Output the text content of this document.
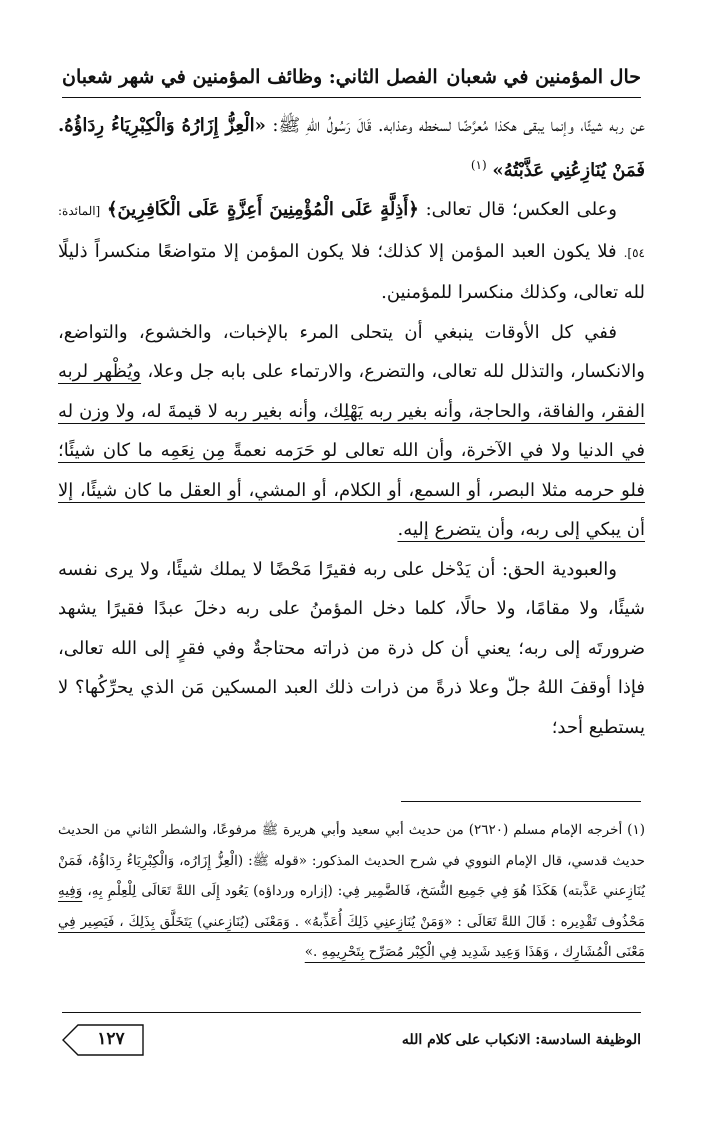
حال المؤمنين في شعبان
الفصل الثاني: وظائف المؤمنين في شهر شعبان

عن ربه شيئًا، وإنما يبقى هكذا مُعرَّضًا لسخطه وعذابه. قَالَ رَسُولُ اللهِ ﷺ: «الْعِزُّ إِزَارُهُ وَالْكِبْرِيَاءُ رِدَاؤُهُ. فَمَنْ يُنَازِعُنِي عَذَّبْتُهُ» $^{(١)}$

وعلى العكس؛ قال تعالى: ﴿أَذِلَّةٍ عَلَى الْمُؤْمِنِينَ أَعِزَّةٍ عَلَى الْكَافِرِينَ﴾ [المائدة: ٥٤]. فلا يكون العبد المؤمن إلا كذلك؛ فلا يكون المؤمن إلا متواضعًا منكسراً ذليلًا لله تعالى، وكذلك منكسرا للمؤمنين.

ففي كل الأوقات ينبغي أن يتحلى المرء بالإخبات، والخشوع، والتواضع، والانكسار، والتذلل لله تعالى، والتضرع، والارتماء على بابه جل وعلا، ويُظْهر لربه الفقر، والفاقة، والحاجة، وأنه بغير ربه يَهْلِك، وأنه بغير ربه لا قيمةَ له، ولا وزن له في الدنيا ولا في الآخرة، وأن الله تعالى لو حَرَمه نعمةً مِن نِعَمِه ما كان شيئًا؛ فلو حرمه مثلا البصر، أو السمع، أو الكلام، أو المشي، أو العقل ما كان شيئًا، إلا أن يبكي إلى ربه، وأن يتضرع إليه.

والعبودية الحق: أن يَدْخل على ربه فقيرًا مَحْضًا لا يملك شيئًا، ولا يرى نفسه شيئًا، ولا مقامًا، ولا حالًا، كلما دخل المؤمنُ على ربه دخلَ عبدًا فقيرًا يشهد ضرورتَه إلى ربه؛ يعني أن كل ذرة من ذراته محتاجةٌ وفي فقرٍ إلى الله تعالى، فإذا أوقفَ اللهُ جلّ وعلا ذرةً من ذرات ذلك العبد المسكين مَن الذي يحرِّكُها؟ لا يستطيع أحد؛

(١) أخرجه الإمام مسلم (٢٦٢٠) من حديث أبي سعيد وأبي هريرة ﷺ مرفوعًا، والشطر الثاني من الحديث حديث قدسي، قال الإمام النووي في شرح الحديث المذكور: «قوله ﷺ: (الْعِزُّ إِزَارُه، وَالْكِبْرِيَاءُ رِدَاؤُهُ، فَمَنْ يُنَازِعني عَذَّبته) هَكَذَا هُوَ فِي جَمِيع النُّسَخ، فَالضَّمِير فِي: (إزاره ورداؤه) يَعُود إِلَى اللهَّ تَعَالَى لِلْعِلْمِ بِهِ، وَفِيهِ مَحْذُوف تَقْدِيره : قَالَ اللهَّ تَعَالَى : «وَمَنْ يُنَازِعنِي ذَلِكَ أُعَذِّبهُ» . وَمَعْنَى (يُنَازِعني) يَتَخَلَّق بِذَلِكَ ، فَيَصِير فِي مَعْنَى الْمُشَارِك ، وَهَذَا وَعِيد شَدِيد فِي الْكِبْر مُصَرِّح بِتَحْرِيمِهِ .»

الوظيفة السادسة: الانكباب على كلام الله
١٢٧
